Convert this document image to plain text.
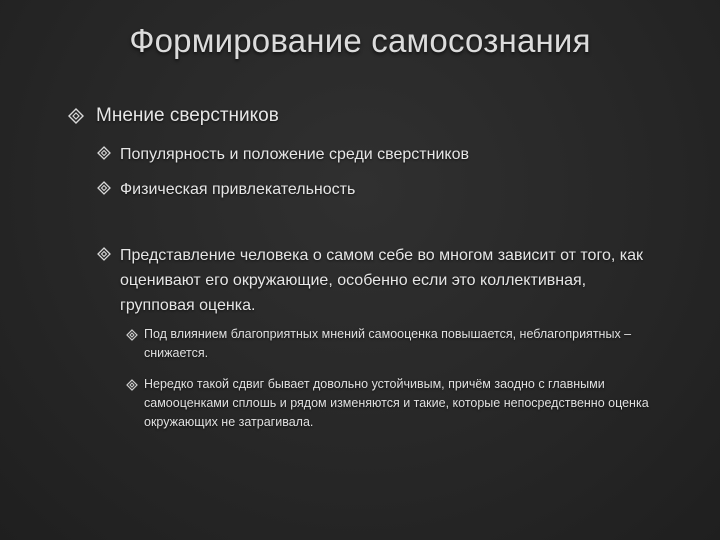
Формирование самосознания
Мнение сверстников
Популярность и положение среди сверстников
Физическая привлекательность
Представление человека о самом себе во многом зависит от того, как оценивают его окружающие, особенно если это коллективная, групповая оценка.
Под влиянием благоприятных мнений самооценка повышается, неблагоприятных – снижается.
Нередко такой сдвиг бывает довольно устойчивым, причём заодно с главными самооценками сплошь и рядом изменяются и такие, которые непосредственно оценка окружающих не затрагивала.
